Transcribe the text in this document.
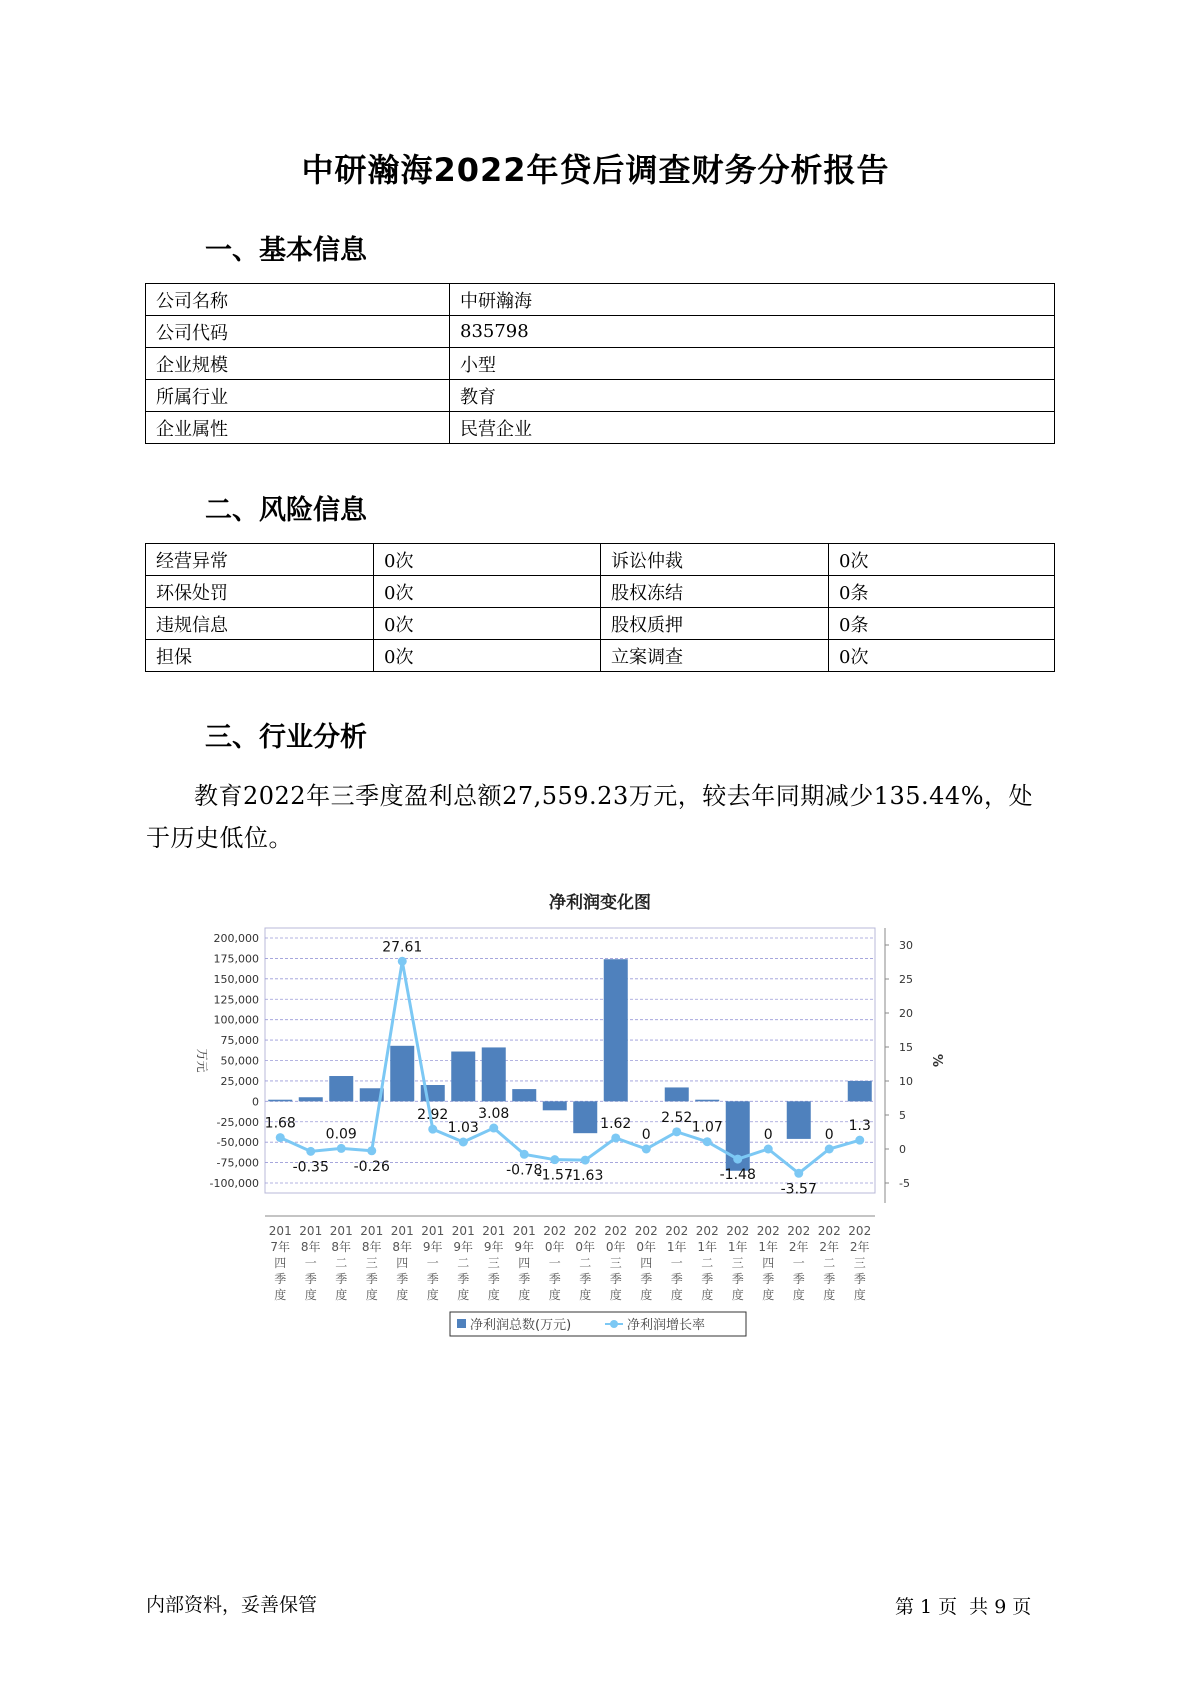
中研瀚海2022年贷后调查财务分析报告
一、基本信息
公司名称	中研瀚海
公司代码	835798
企业规模	小型
所属行业	教育
企业属性	民营企业
二、风险信息
经营异常	0次	诉讼仲裁	0次
环保处罚	0次	股权冻结	0条
违规信息	0次	股权质押	0条
担保	0次	立案调查	0次
三、行业分析
教育2022年三季度盈利总额27,559.23万元，较去年同期减少135.44%，处于历史低位。
净利润变化图
200,000
175,000
150,000
125,000
100,000
75,000
50,000
25,000
0
-25,000
-50,000
-75,000
-100,000
30
25
20
15
10
5
0
-5
万元	%
1.68
-0.35
0.09
-0.26
27.61
2.92
1.03
3.08
-0.78
-1.57
-1.63
1.62
0
2.52
1.07
-1.48
0
-3.57
0
1.3
201
7年
四
季
度
201
8年
一
季
度
201
8年
二
季
度
201
8年
三
季
度
201
8年
四
季
度
201
9年
一
季
度
201
9年
二
季
度
201
9年
三
季
度
201
9年
四
季
度
202
0年
一
季
度
202
0年
二
季
度
202
0年
三
季
度
202
0年
四
季
度
202
1年
一
季
度
202
1年
二
季
度
202
1年
三
季
度
202
1年
四
季
度
202
2年
一
季
度
202
2年
二
季
度
202
2年
三
季
度
净利润总数(万元)	净利润增长率
内部资料，妥善保管	第 1 页 共 9 页
